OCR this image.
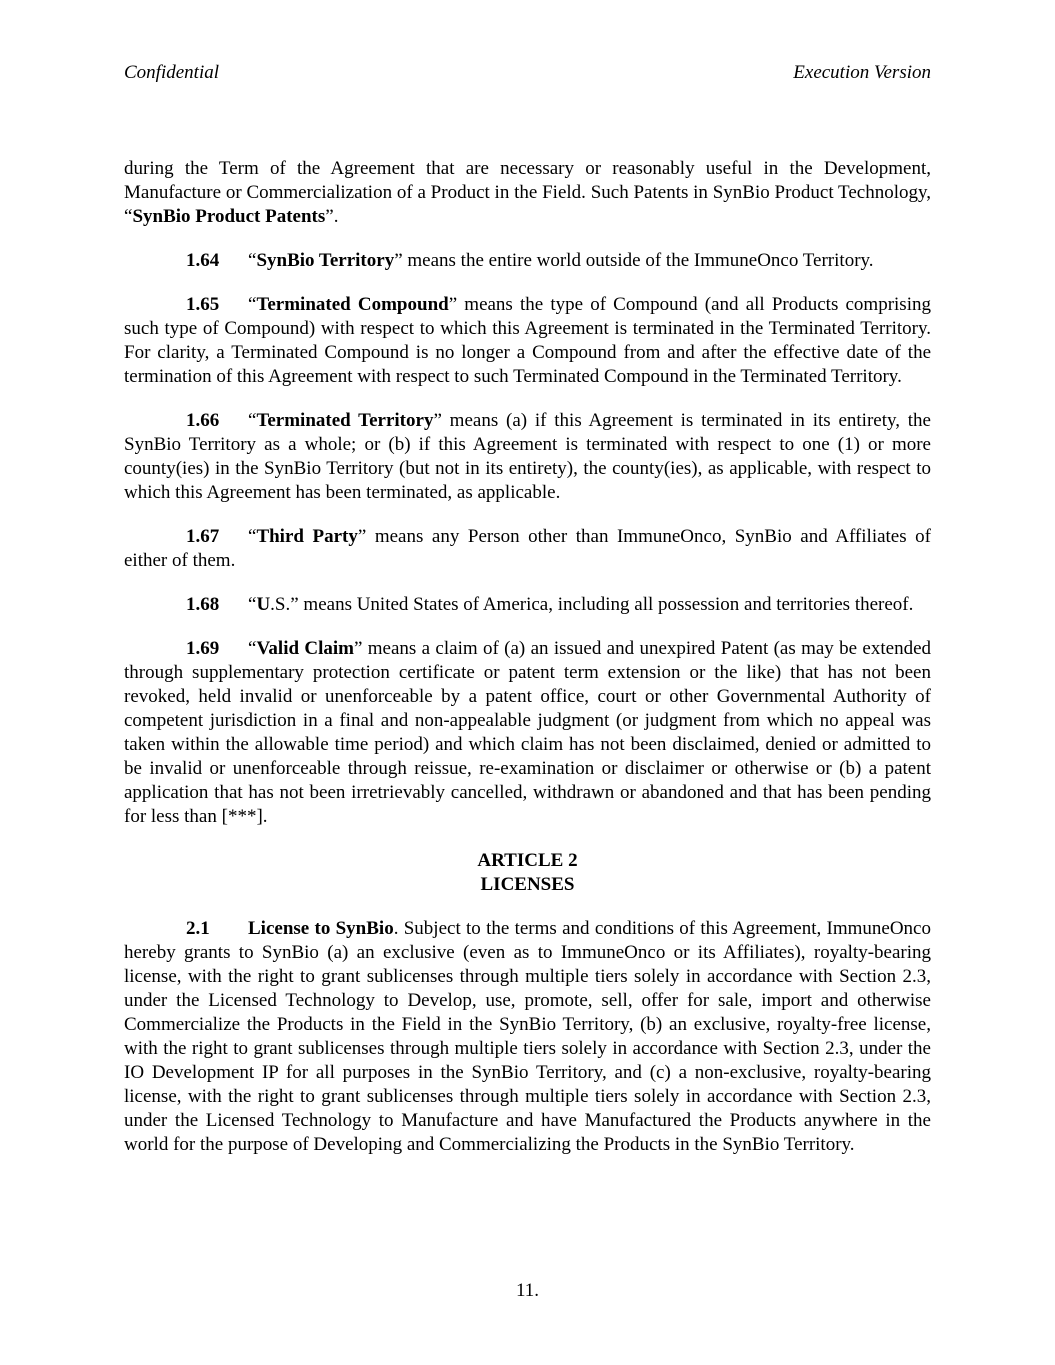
Confidential	Execution Version

during the Term of the Agreement that are necessary or reasonably useful in the Development, Manufacture or Commercialization of a Product in the Field. Such Patents in SynBio Product Technology, “SynBio Product Patents”.

1.64 “SynBio Territory” means the entire world outside of the ImmuneOnco Territory.

1.65 “Terminated Compound” means the type of Compound (and all Products comprising such type of Compound) with respect to which this Agreement is terminated in the Terminated Territory. For clarity, a Terminated Compound is no longer a Compound from and after the effective date of the termination of this Agreement with respect to such Terminated Compound in the Terminated Territory.

1.66 “Terminated Territory” means (a) if this Agreement is terminated in its entirety, the SynBio Territory as a whole; or (b) if this Agreement is terminated with respect to one (1) or more county(ies) in the SynBio Territory (but not in its entirety), the county(ies), as applicable, with respect to which this Agreement has been terminated, as applicable.

1.67 “Third Party” means any Person other than ImmuneOnco, SynBio and Affiliates of either of them.

1.68 “U.S.” means United States of America, including all possession and territories thereof.

1.69 “Valid Claim” means a claim of (a) an issued and unexpired Patent (as may be extended through supplementary protection certificate or patent term extension or the like) that has not been revoked, held invalid or unenforceable by a patent office, court or other Governmental Authority of competent jurisdiction in a final and non-appealable judgment (or judgment from which no appeal was taken within the allowable time period) and which claim has not been disclaimed, denied or admitted to be invalid or unenforceable through reissue, re-examination or disclaimer or otherwise or (b) a patent application that has not been irretrievably cancelled, withdrawn or abandoned and that has been pending for less than [***].

ARTICLE 2
LICENSES

2.1 License to SynBio. Subject to the terms and conditions of this Agreement, ImmuneOnco hereby grants to SynBio (a) an exclusive (even as to ImmuneOnco or its Affiliates), royalty-bearing license, with the right to grant sublicenses through multiple tiers solely in accordance with Section 2.3, under the Licensed Technology to Develop, use, promote, sell, offer for sale, import and otherwise Commercialize the Products in the Field in the SynBio Territory, (b) an exclusive, royalty-free license, with the right to grant sublicenses through multiple tiers solely in accordance with Section 2.3, under the IO Development IP for all purposes in the SynBio Territory, and (c) a non-exclusive, royalty-bearing license, with the right to grant sublicenses through multiple tiers solely in accordance with Section 2.3, under the Licensed Technology to Manufacture and have Manufactured the Products anywhere in the world for the purpose of Developing and Commercializing the Products in the SynBio Territory.

11.
